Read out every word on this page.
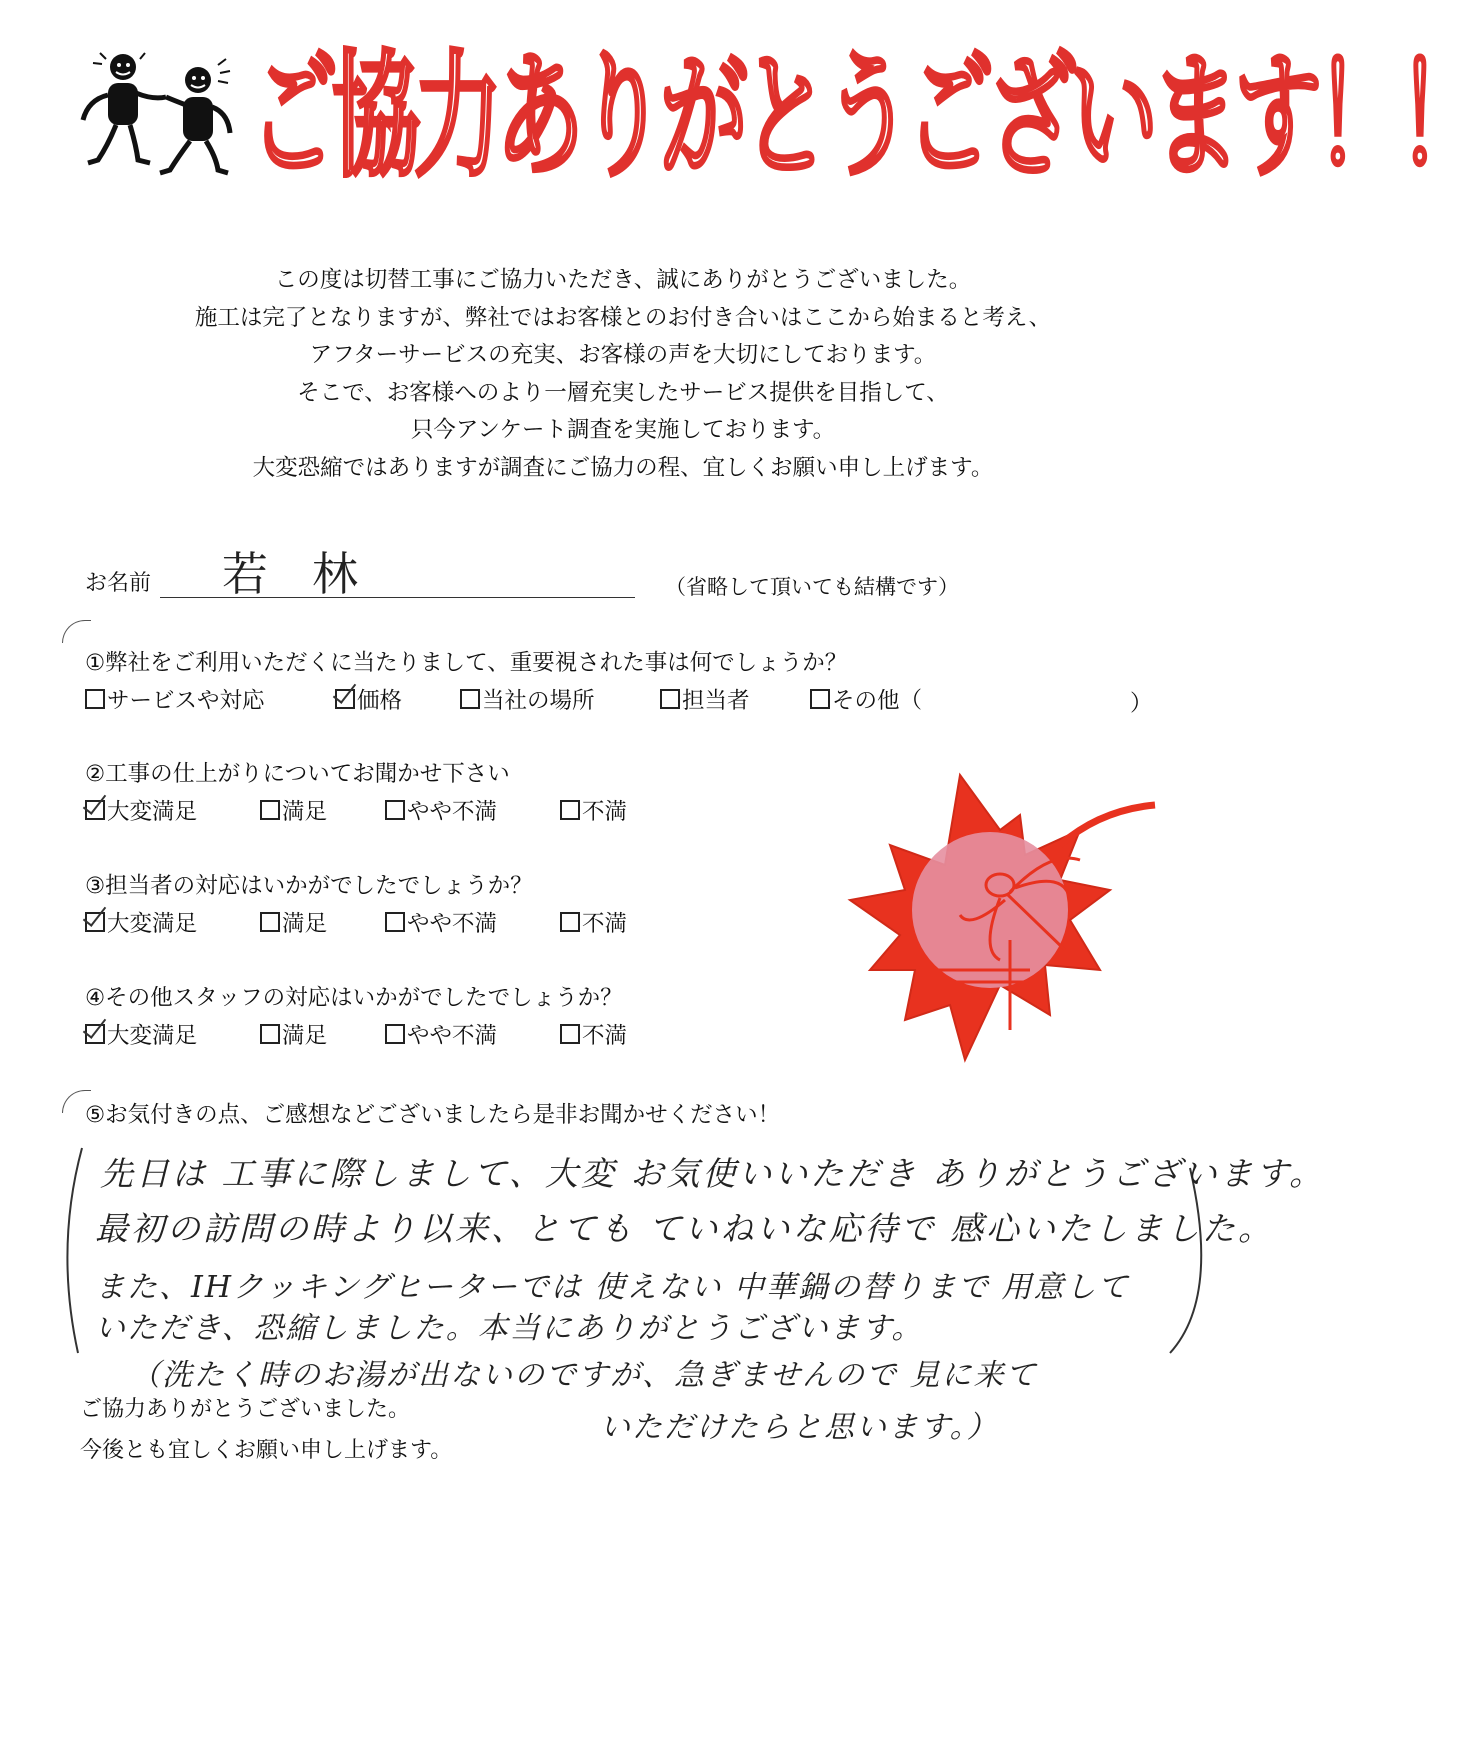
ご協力ありがとうございます！！
この度は切替工事にご協力いただき、誠にありがとうございました。
施工は完了となりますが、弊社ではお客様とのお付き合いはここから始まると考え、
アフターサービスの充実、お客様の声を大切にしております。
そこで、お客様へのより一層充実したサービス提供を目指して、
只今アンケート調査を実施しております。
大変恐縮ではありますが調査にご協力の程、宜しくお願い申し上げます。
お名前 若林	（省略して頂いても結構です）
①弊社をご利用いただくに当たりまして、重要視された事は何でしょうか？
サービスや対応	価格	当社の場所	担当者	その他（	）
②工事の仕上がりについてお聞かせ下さい
大変満足	満足	やや不満	不満
③担当者の対応はいかがでしたでしょうか？
大変満足	満足	やや不満	不満
④その他スタッフの対応はいかがでしたでしょうか？
大変満足	満足	やや不満	不満
⑤お気付きの点、ご感想などございましたら是非お聞かせください！
先日は 工事に際しまして、大変 お気使いいただき ありがとうございます。
最初の訪問の時より以来、とても ていねいな応待で 感心いたしました。
また、IHクッキングヒーターでは 使えない 中華鍋の替りまで 用意して
いただき、恐縮しました。本当にありがとうございます。
（洗たく時のお湯が出ないのですが、急ぎませんので 見に来て
いただけたらと思います。）
ご協力ありがとうございました。
今後とも宜しくお願い申し上げます。
